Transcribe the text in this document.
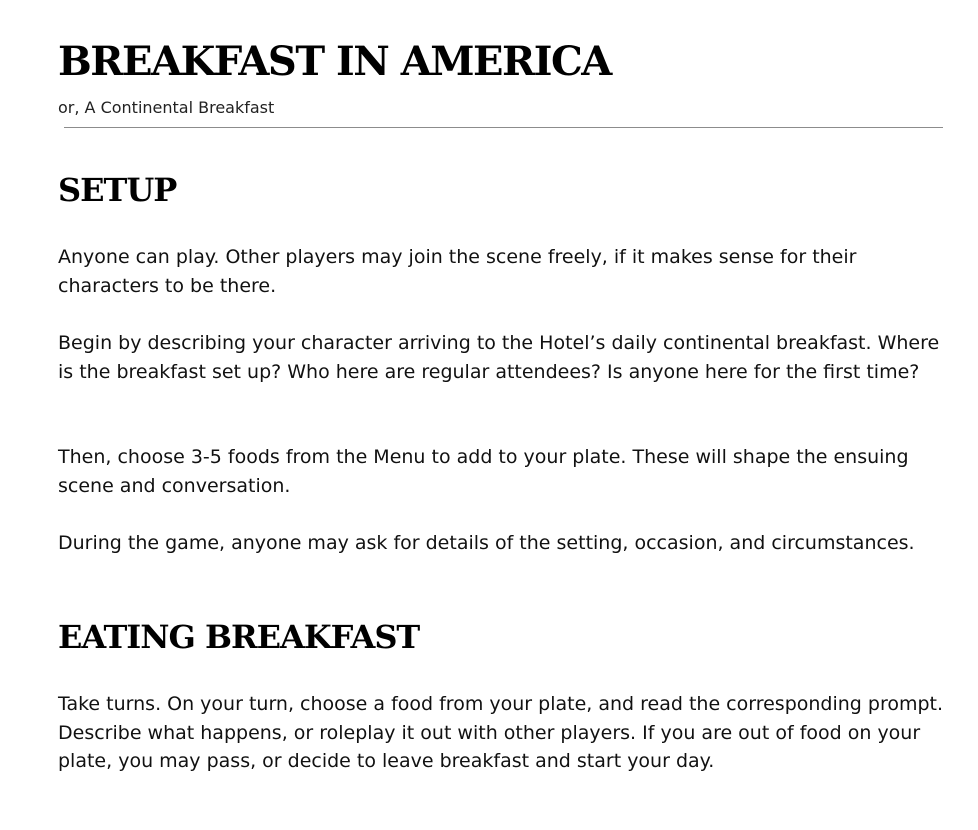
BREAKFAST IN AMERICA

or, A Continental Breakfast

SETUP

Anyone can play. Other players may join the scene freely, if it makes sense for their characters to be there.

Begin by describing your character arriving to the Hotel’s daily continental breakfast. Where is the breakfast set up? Who here are regular attendees? Is anyone here for the first time?

Then, choose 3-5 foods from the Menu to add to your plate. These will shape the ensuing scene and conversation.

During the game, anyone may ask for details of the setting, occasion, and circumstances.

EATING BREAKFAST

Take turns. On your turn, choose a food from your plate, and read the corresponding prompt. Describe what happens, or roleplay it out with other players. If you are out of food on your plate, you may pass, or decide to leave breakfast and start your day.
